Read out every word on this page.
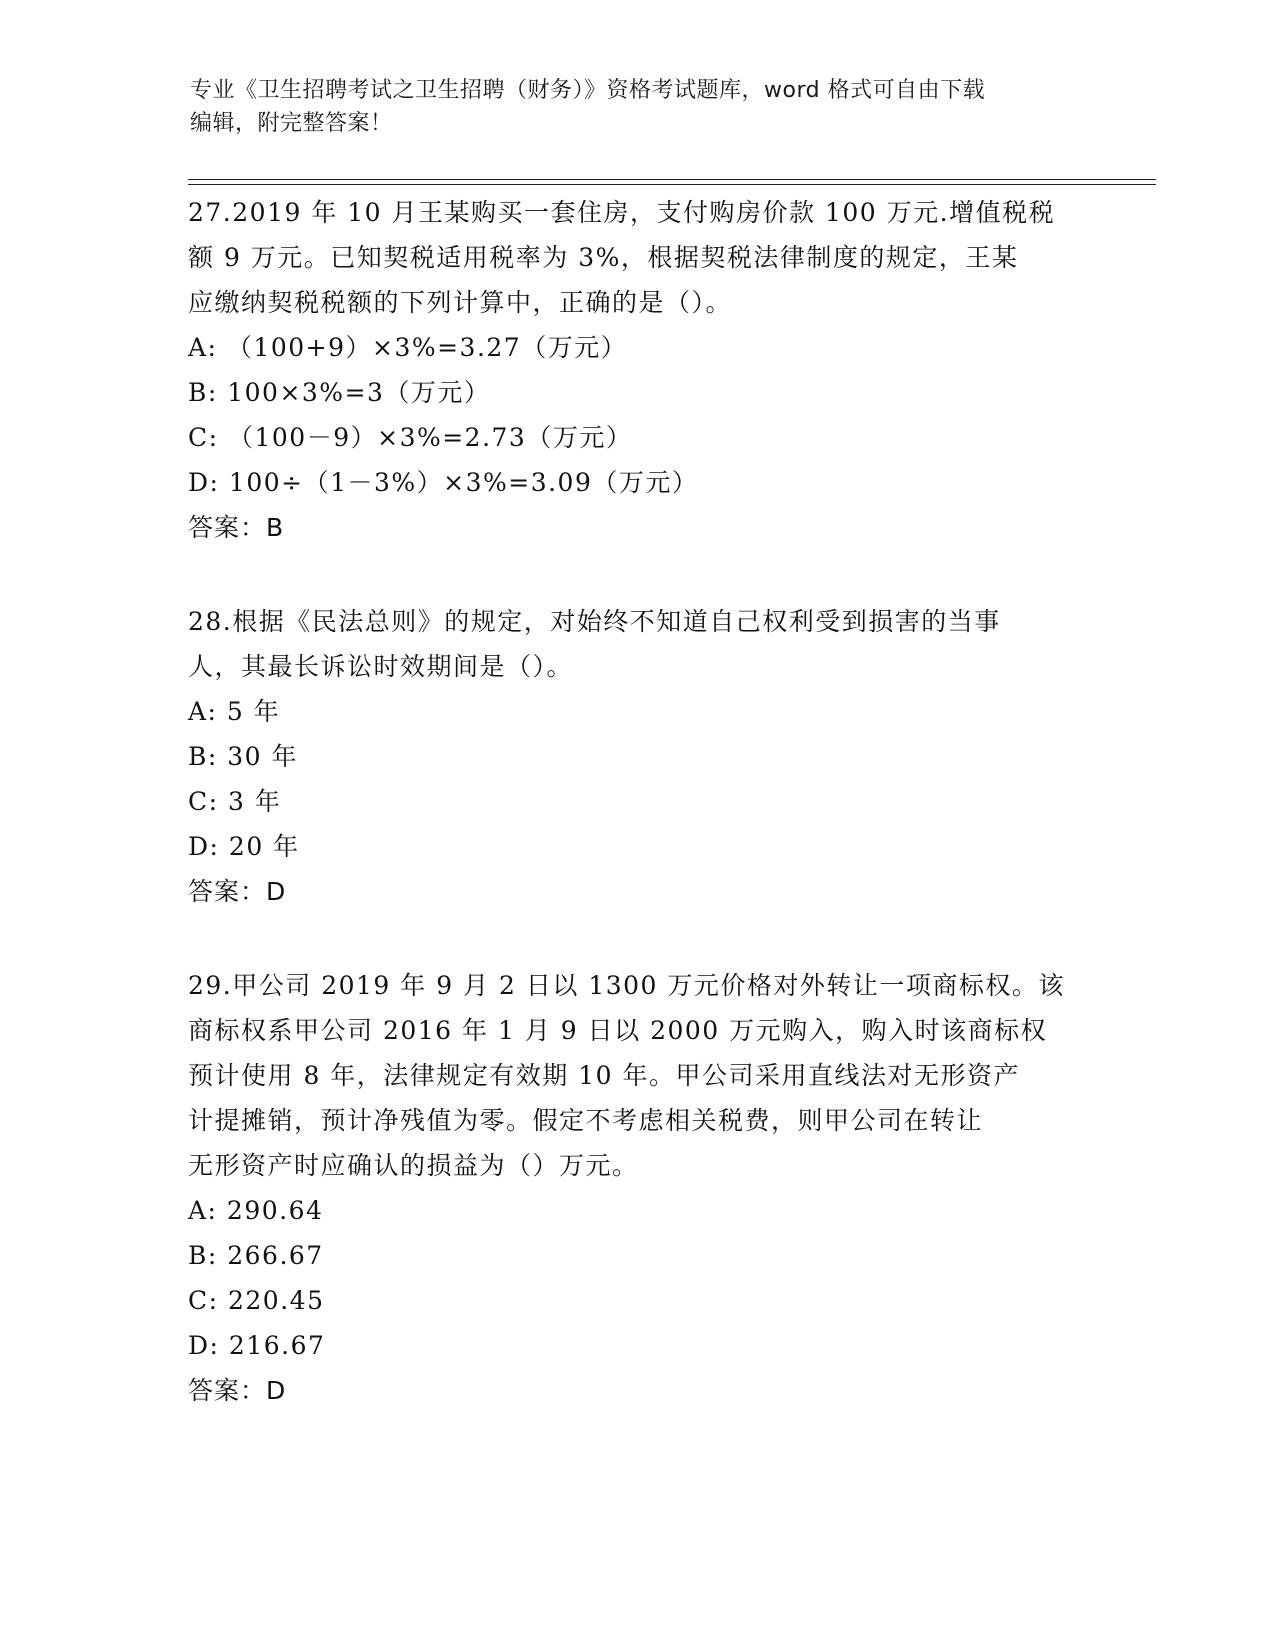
专业《卫生招聘考试之卫生招聘（财务）》资格考试题库，word 格式可自由下载
编辑，附完整答案！

27.2019 年 10 月王某购买一套住房，支付购房价款 100 万元.增值税税

额 9 万元。已知契税适用税率为 3%，根据契税法律制度的规定，王某

应缴纳契税税额的下列计算中，正确的是（）。

A: （100+9）×3%=3.27（万元）

B: 100×3%=3（万元）

C: （100－9）×3%=2.73（万元）

D: 100÷（1－3%）×3%=3.09（万元）

答案：B

28.根据《民法总则》的规定，对始终不知道自己权利受到损害的当事

人，其最长诉讼时效期间是（）。

A: 5 年

B: 30 年

C: 3 年

D: 20 年

答案：D

29.甲公司 2019 年 9 月 2 日以 1300 万元价格对外转让一项商标权。该

商标权系甲公司 2016 年 1 月 9 日以 2000 万元购入，购入时该商标权

预计使用 8 年，法律规定有效期 10 年。甲公司采用直线法对无形资产

计提摊销，预计净残值为零。假定不考虑相关税费，则甲公司在转让

无形资产时应确认的损益为（）万元。

A: 290.64

B: 266.67

C: 220.45

D: 216.67

答案：D
